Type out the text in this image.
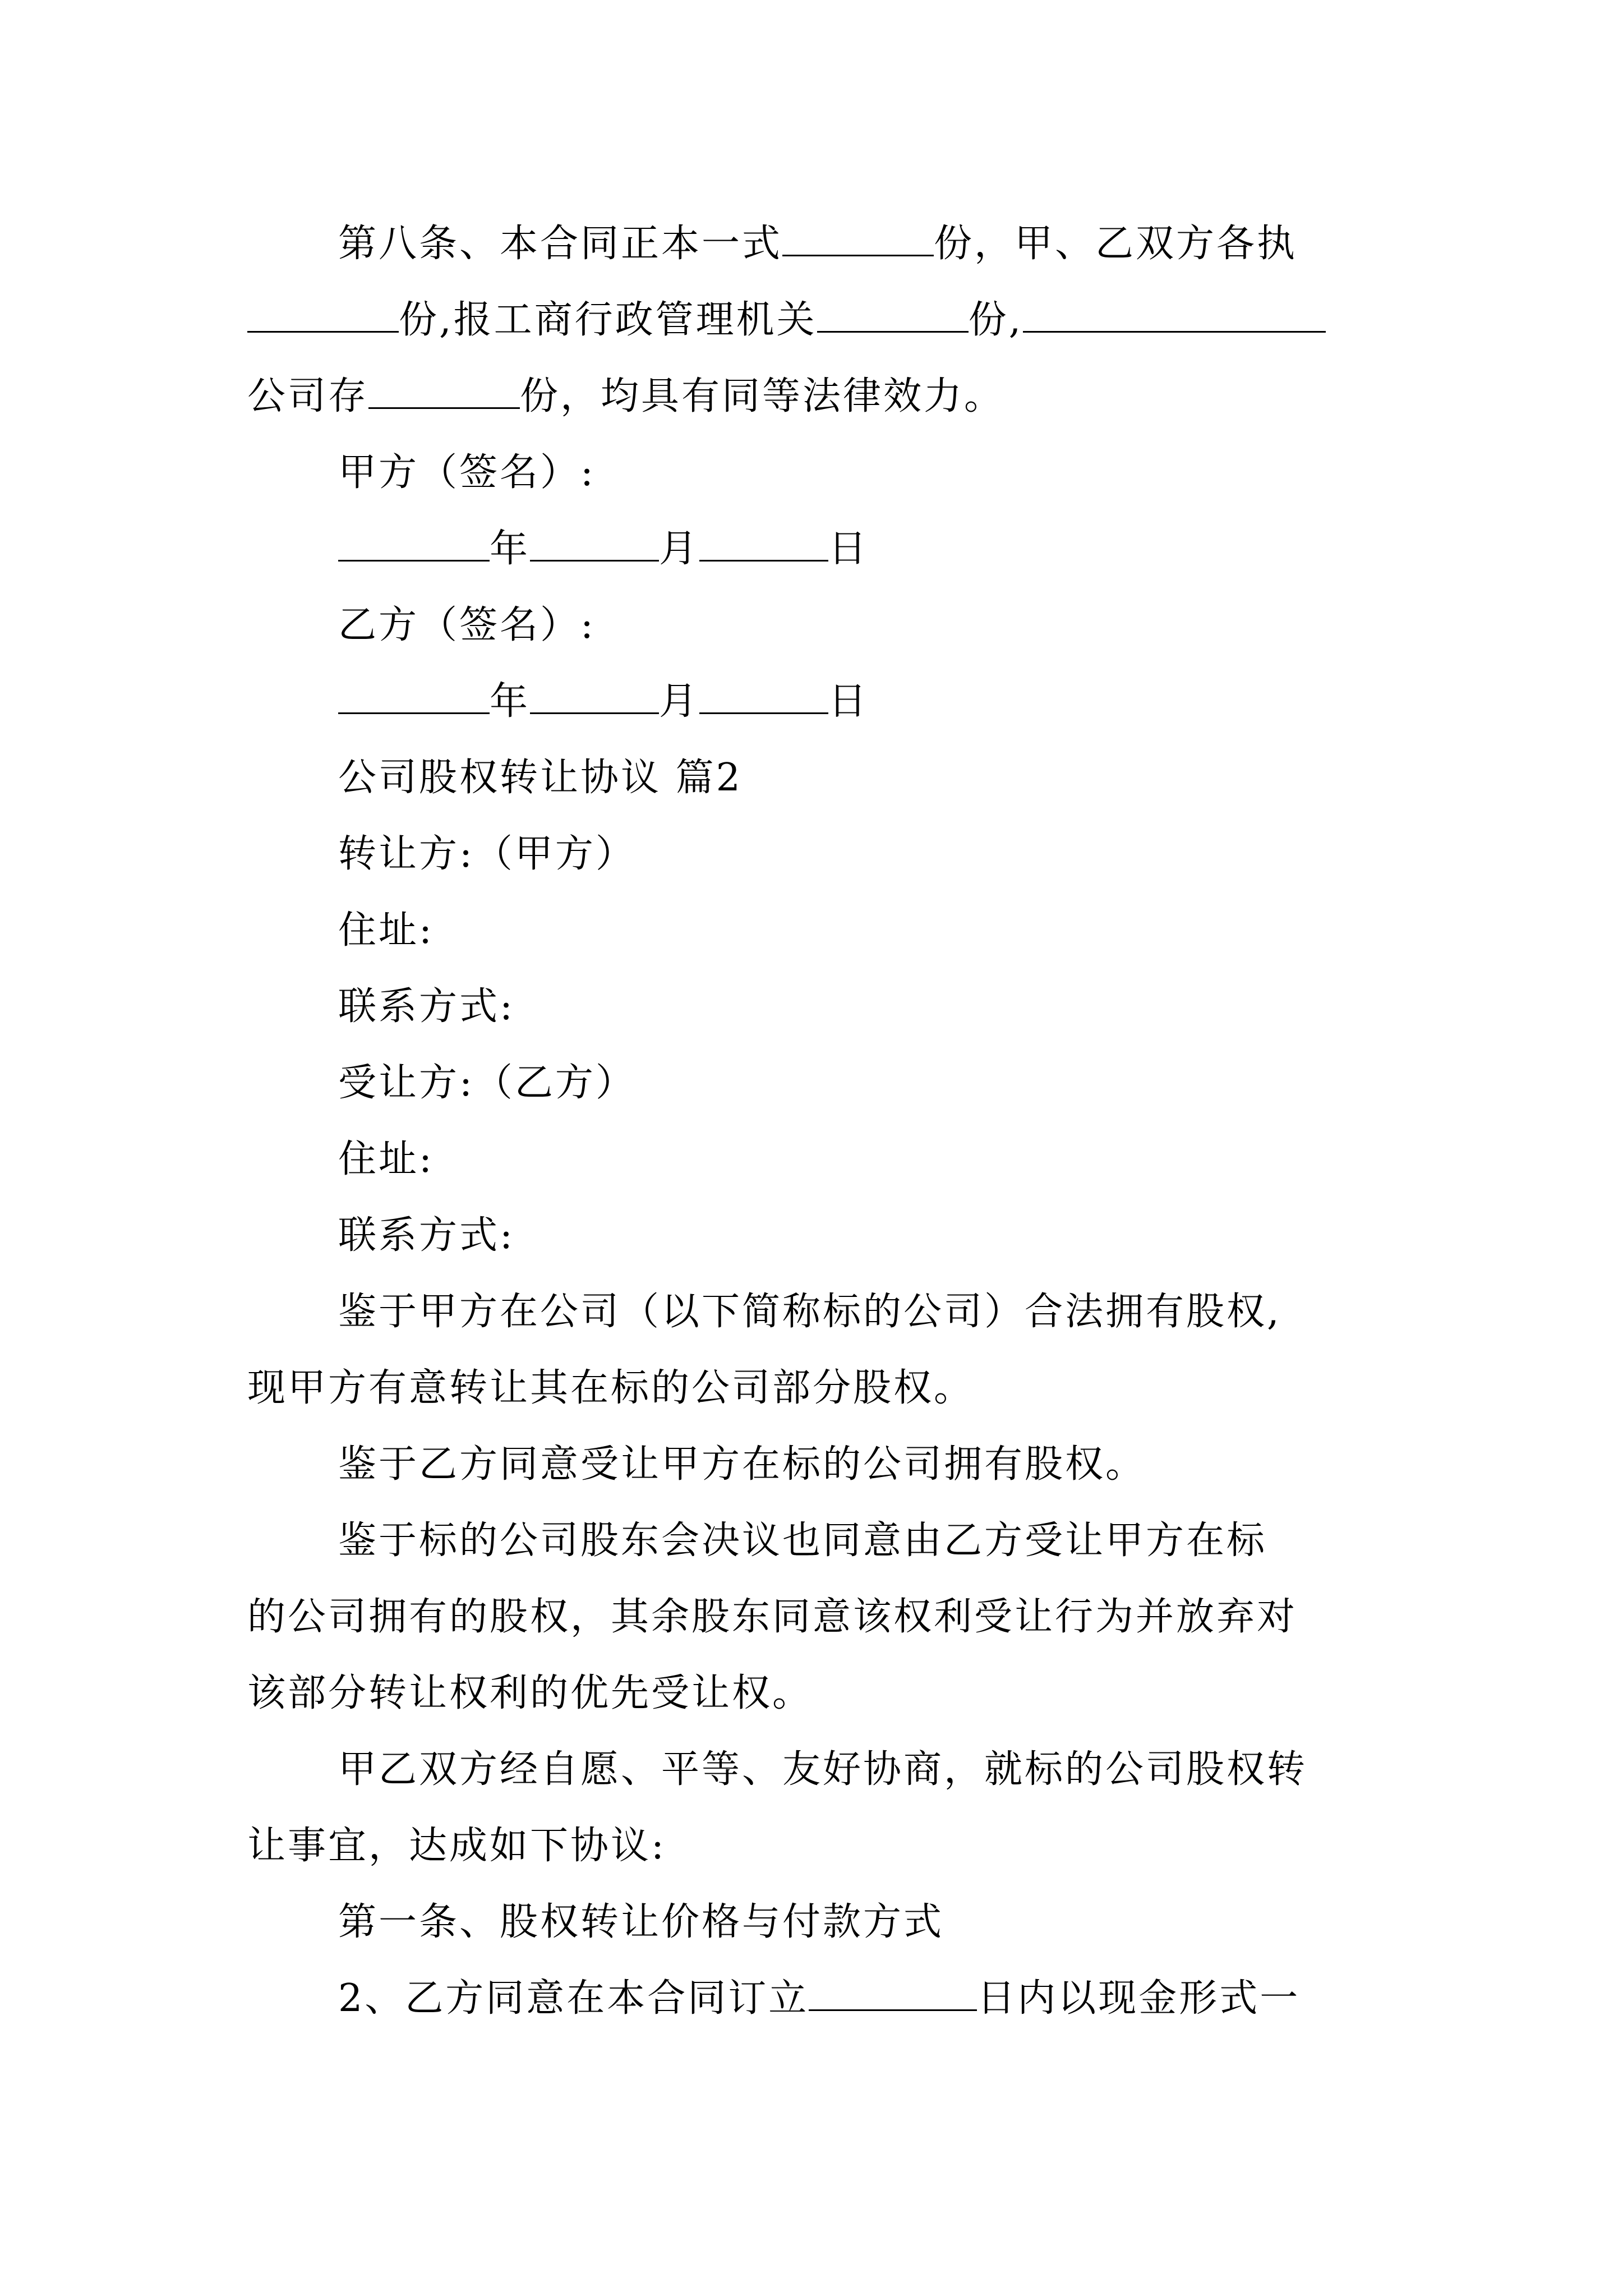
第八条、本合同正本一式	份，甲、乙双方各执
份,报工商行政管理机关	份,
公司存	份，均具有同等法律效力。
甲方（签名）:
年	月	日
乙方（签名）:
年	月	日
公司股权转让协议 篇2
转让方:（甲方）
住址:
联系方式:
受让方:（乙方）
住址:
联系方式:
鉴于甲方在公司（以下简称标的公司）合法拥有股权,
现甲方有意转让其在标的公司部分股权。
鉴于乙方同意受让甲方在标的公司拥有股权。
鉴于标的公司股东会决议也同意由乙方受让甲方在标
的公司拥有的股权，其余股东同意该权利受让行为并放弃对
该部分转让权利的优先受让权。
甲乙双方经自愿、平等、友好协商，就标的公司股权转
让事宜，达成如下协议:
第一条、股权转让价格与付款方式
2、乙方同意在本合同订立	日内以现金形式一
